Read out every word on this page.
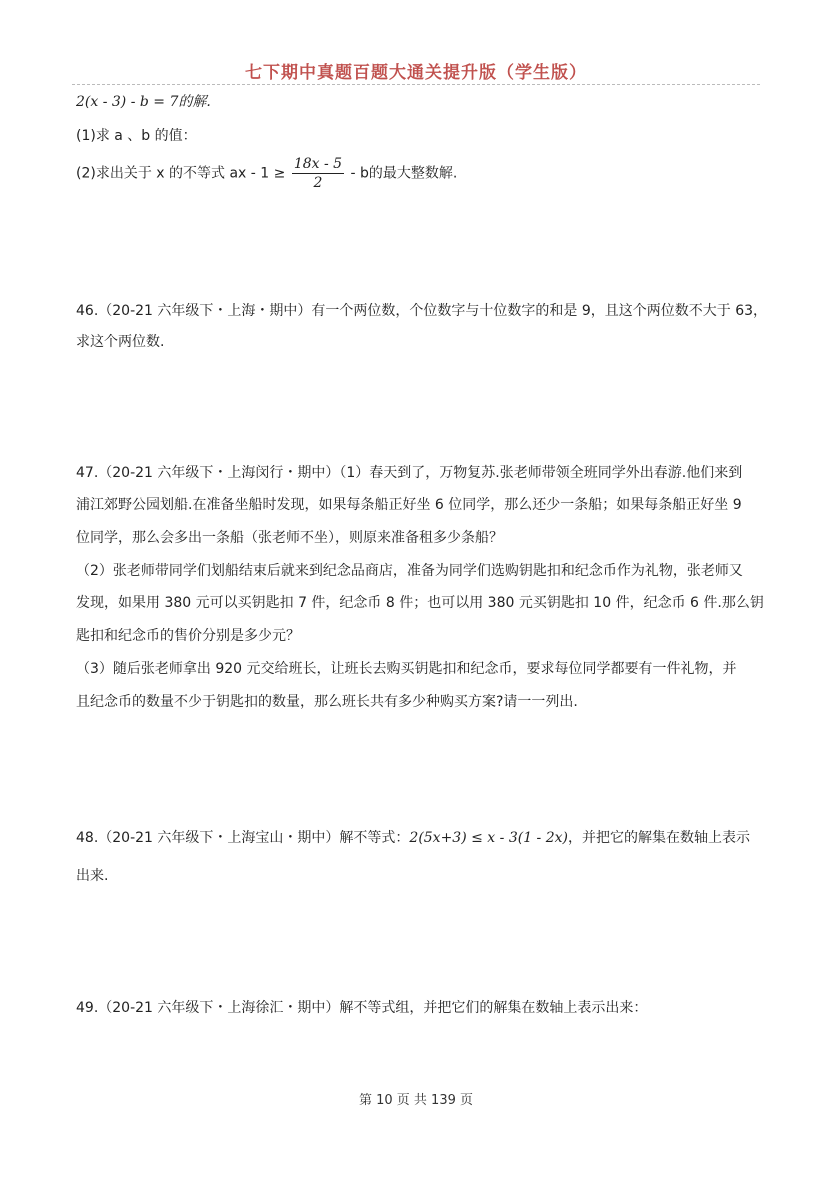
七下期中真题百题大通关提升版（学生版）
2(x - 3) - b = 7的解.
(1)求 a 、b 的值：
(2)求出关于 x 的不等式 ax - $1 \ge \frac{18x - 5}{2} - b$的最大整数解.
46.（20-21 六年级下・上海・期中）有一个两位数，个位数字与十位数字的和是 9，且这个两位数不大于 63，
求这个两位数.
47.（20-21 六年级下・上海闵行・期中）（1）春天到了，万物复苏.张老师带领全班同学外出春游.他们来到
浦江郊野公园划船.在准备坐船时发现，如果每条船正好坐 6 位同学，那么还少一条船；如果每条船正好坐 9
位同学，那么会多出一条船（张老师不坐），则原来准备租多少条船？
（2）张老师带同学们划船结束后就来到纪念品商店，准备为同学们选购钥匙扣和纪念币作为礼物，张老师又
发现，如果用 380 元可以买钥匙扣 7 件，纪念币 8 件；也可以用 380 元买钥匙扣 10 件，纪念币 6 件.那么钥
匙扣和纪念币的售价分别是多少元？
（3）随后张老师拿出 920 元交给班长，让班长去购买钥匙扣和纪念币，要求每位同学都要有一件礼物，并
且纪念币的数量不少于钥匙扣的数量，那么班长共有多少种购买方案?请一一列出.
48.（20-21 六年级下・上海宝山・期中）解不等式：2(5x+3) ≤ x - 3(1 - 2x)，并把它的解集在数轴上表示
出来.
49.（20-21 六年级下・上海徐汇・期中）解不等式组，并把它们的解集在数轴上表示出来：
第 10 页 共 139 页
